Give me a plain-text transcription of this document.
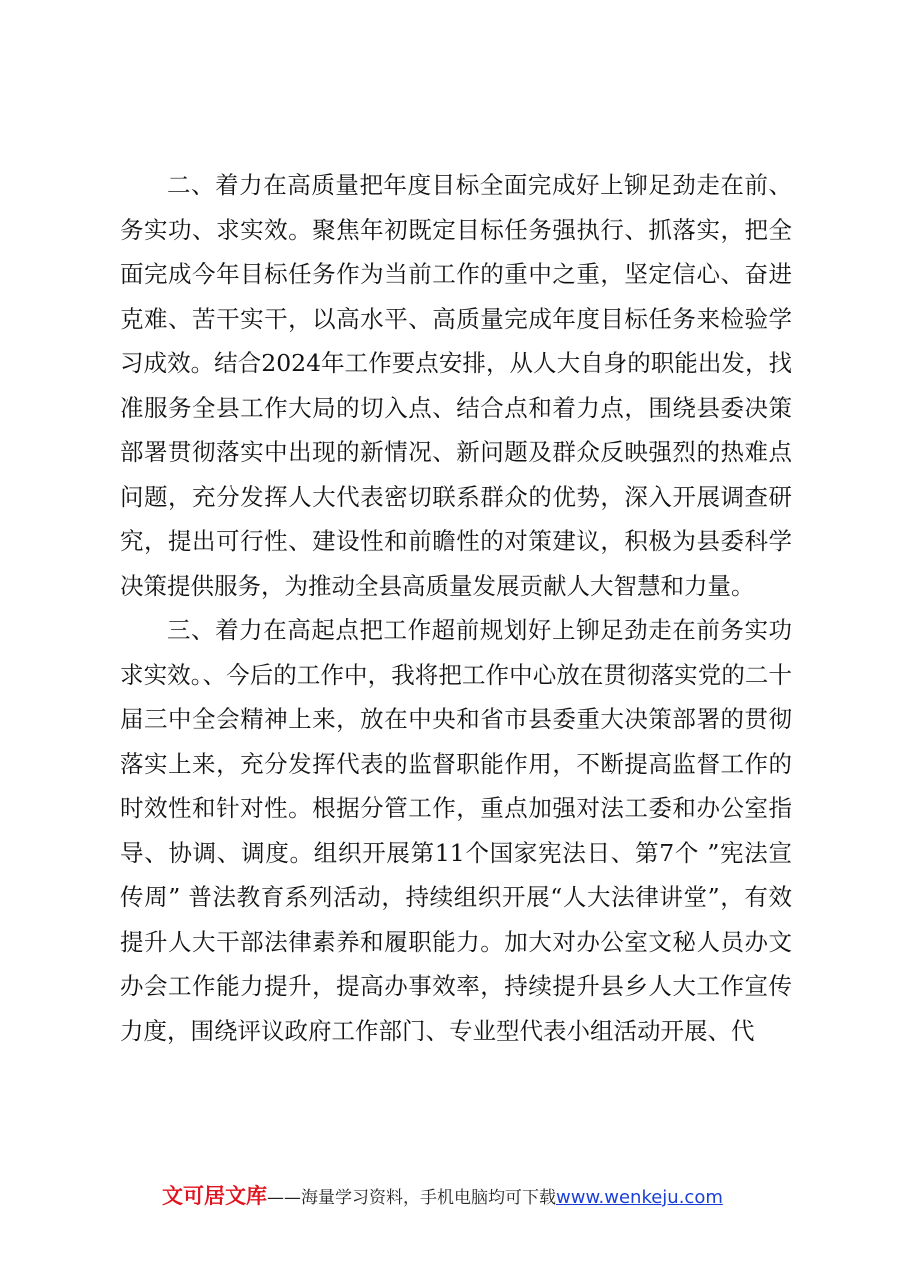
二、着力在高质量把年度目标全面完成好上铆足劲走在前、务实功、求实效。聚焦年初既定目标任务强执行、抓落实，把全面完成今年目标任务作为当前工作的重中之重，坚定信心、奋进克难、苦干实干，以高水平、高质量完成年度目标任务来检验学习成效。结合2024年工作要点安排，从人大自身的职能出发，找准服务全县工作大局的切入点、结合点和着力点，围绕县委决策部署贯彻落实中出现的新情况、新问题及群众反映强烈的热难点问题，充分发挥人大代表密切联系群众的优势，深入开展调查研究，提出可行性、建设性和前瞻性的对策建议，积极为县委科学决策提供服务，为推动全县高质量发展贡献人大智慧和力量。

三、着力在高起点把工作超前规划好上铆足劲走在前务实功求实效。、今后的工作中，我将把工作中心放在贯彻落实党的二十届三中全会精神上来，放在中央和省市县委重大决策部署的贯彻落实上来，充分发挥代表的监督职能作用，不断提高监督工作的时效性和针对性。根据分管工作，重点加强对法工委和办公室指导、协调、调度。组织开展第11个国家宪法日、第7个 ”宪法宣传周” 普法教育系列活动，持续组织开展“人大法律讲堂”，有效提升人大干部法律素养和履职能力。加大对办公室文秘人员办文办会工作能力提升，提高办事效率，持续提升县乡人大工作宣传力度，围绕评议政府工作部门、专业型代表小组活动开展、代

文可居文库——海量学习资料，手机电脑均可下载www.wenkeju.com
